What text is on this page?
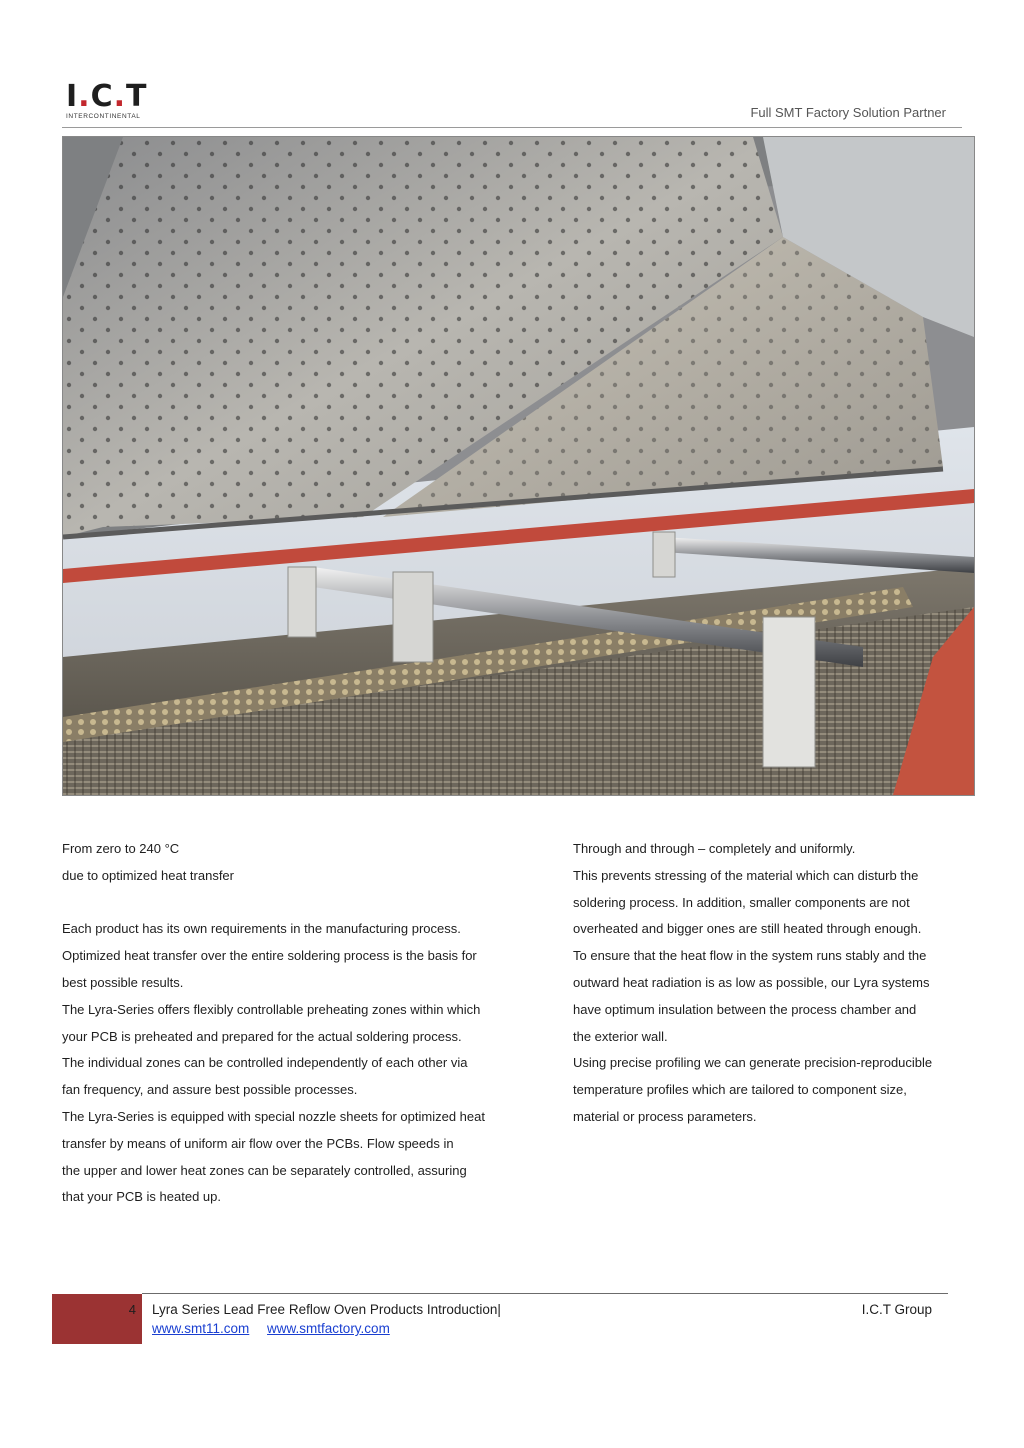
I.C.T
INTERCONTINENTAL	Full SMT Factory Solution Partner

From zero to 240 °C

due to optimized heat transfer

Each product has its own requirements in the manufacturing process.

Optimized heat transfer over the entire soldering process is the basis for

best possible results.

The Lyra-Series offers flexibly controllable preheating zones within which

your PCB is preheated and prepared for the actual soldering process.

The individual zones can be controlled independently of each other via

fan frequency, and assure best possible processes.

The Lyra-Series is equipped with special nozzle sheets for optimized heat

transfer by means of uniform air flow over the PCBs. Flow speeds in

the upper and lower heat zones can be separately controlled, assuring

that your PCB is heated up.

Through and through – completely and uniformly.

This prevents stressing of the material which can disturb the

soldering process. In addition, smaller components are not

overheated and bigger ones are still heated through enough.

To ensure that the heat flow in the system runs stably and the

outward heat radiation is as low as possible, our Lyra systems

have optimum insulation between the process chamber and

the exterior wall.

Using precise profiling we can generate precision-reproducible

temperature profiles which are tailored to component size,

material or process parameters.

4 Lyra Series Lead Free Reflow Oven Products Introduction|
www.smt11.com www.smtfactory.com
I.C.T Group
